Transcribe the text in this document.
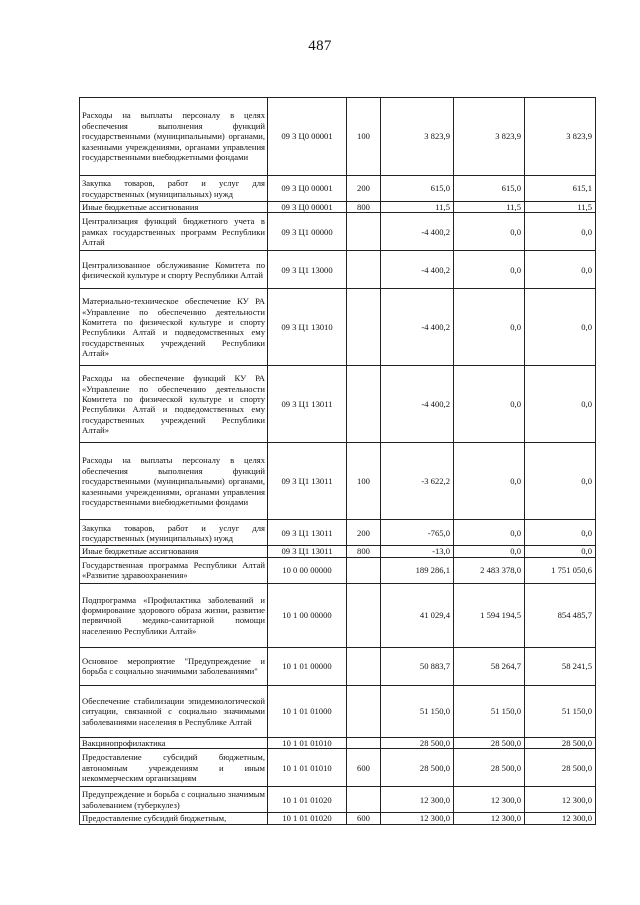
487
Расходы на выплаты персоналу в целях обеспечения выполнения функций государственными (муниципальными) органами, казенными учреждениями, органами управления государственными внебюджетными фондами	09 3 Ц0 00001	100	3 823,9	3 823,9	3 823,9
Закупка товаров, работ и услуг для государственных (муниципальных) нужд	09 3 Ц0 00001	200	615,0	615,0	615,1
Иные бюджетные ассигнования	09 3 Ц0 00001	800	11,5	11,5	11,5
Централизация функций бюджетного учета в рамках государственных программ Республики Алтай	09 3 Ц1 00000		-4 400,2	0,0	0,0
Централизованное обслуживание Комитета по физической культуре и спорту Республики Алтай	09 3 Ц1 13000		-4 400,2	0,0	0,0
Материально-техническое обеспечение КУ РА «Управление по обеспечению деятельности Комитета по физической культуре и спорту Республики Алтай и подведомственных ему государственных учреждений Республики Алтай»	09 3 Ц1 13010		-4 400,2	0,0	0,0
Расходы на обеспечение функций КУ РА «Управление по обеспечению деятельности Комитета по физической культуре и спорту Республики Алтай и подведомственных ему государственных учреждений Республики Алтай»	09 3 Ц1 13011		-4 400,2	0,0	0,0
Расходы на выплаты персоналу в целях обеспечения выполнения функций государственными (муниципальными) органами, казенными учреждениями, органами управления государственными внебюджетными фондами	09 3 Ц1 13011	100	-3 622,2	0,0	0,0
Закупка товаров, работ и услуг для государственных (муниципальных) нужд	09 3 Ц1 13011	200	-765,0	0,0	0,0
Иные бюджетные ассигнования	09 3 Ц1 13011	800	-13,0	0,0	0,0
Государственная программа Республики Алтай «Развитие здравоохранения»	10 0 00 00000		189 286,1	2 483 378,0	1 751 050,6
Подпрограмма «Профилактика заболеваний и формирование здорового образа жизни, развитие первичной медико-санитарной помощи населению Республики Алтай»	10 1 00 00000		41 029,4	1 594 194,5	854 485,7
Основное мероприятие "Предупреждение и борьба с социально значимыми заболеваниями"	10 1 01 00000		50 883,7	58 264,7	58 241,5
Обеспечение стабилизации эпидемиологической ситуации, связанной с социально значимыми заболеваниями населения в Республике Алтай	10 1 01 01000		51 150,0	51 150,0	51 150,0
Вакцинопрофилактика	10 1 01 01010		28 500,0	28 500,0	28 500,0
Предоставление субсидий бюджетным, автономным учреждениям и иным некоммерческим организациям	10 1 01 01010	600	28 500,0	28 500,0	28 500,0
Предупреждение и борьба с социально значимым заболеванием (туберкулез)	10 1 01 01020		12 300,0	12 300,0	12 300,0
Предоставление субсидий бюджетным,	10 1 01 01020	600	12 300,0	12 300,0	12 300,0
